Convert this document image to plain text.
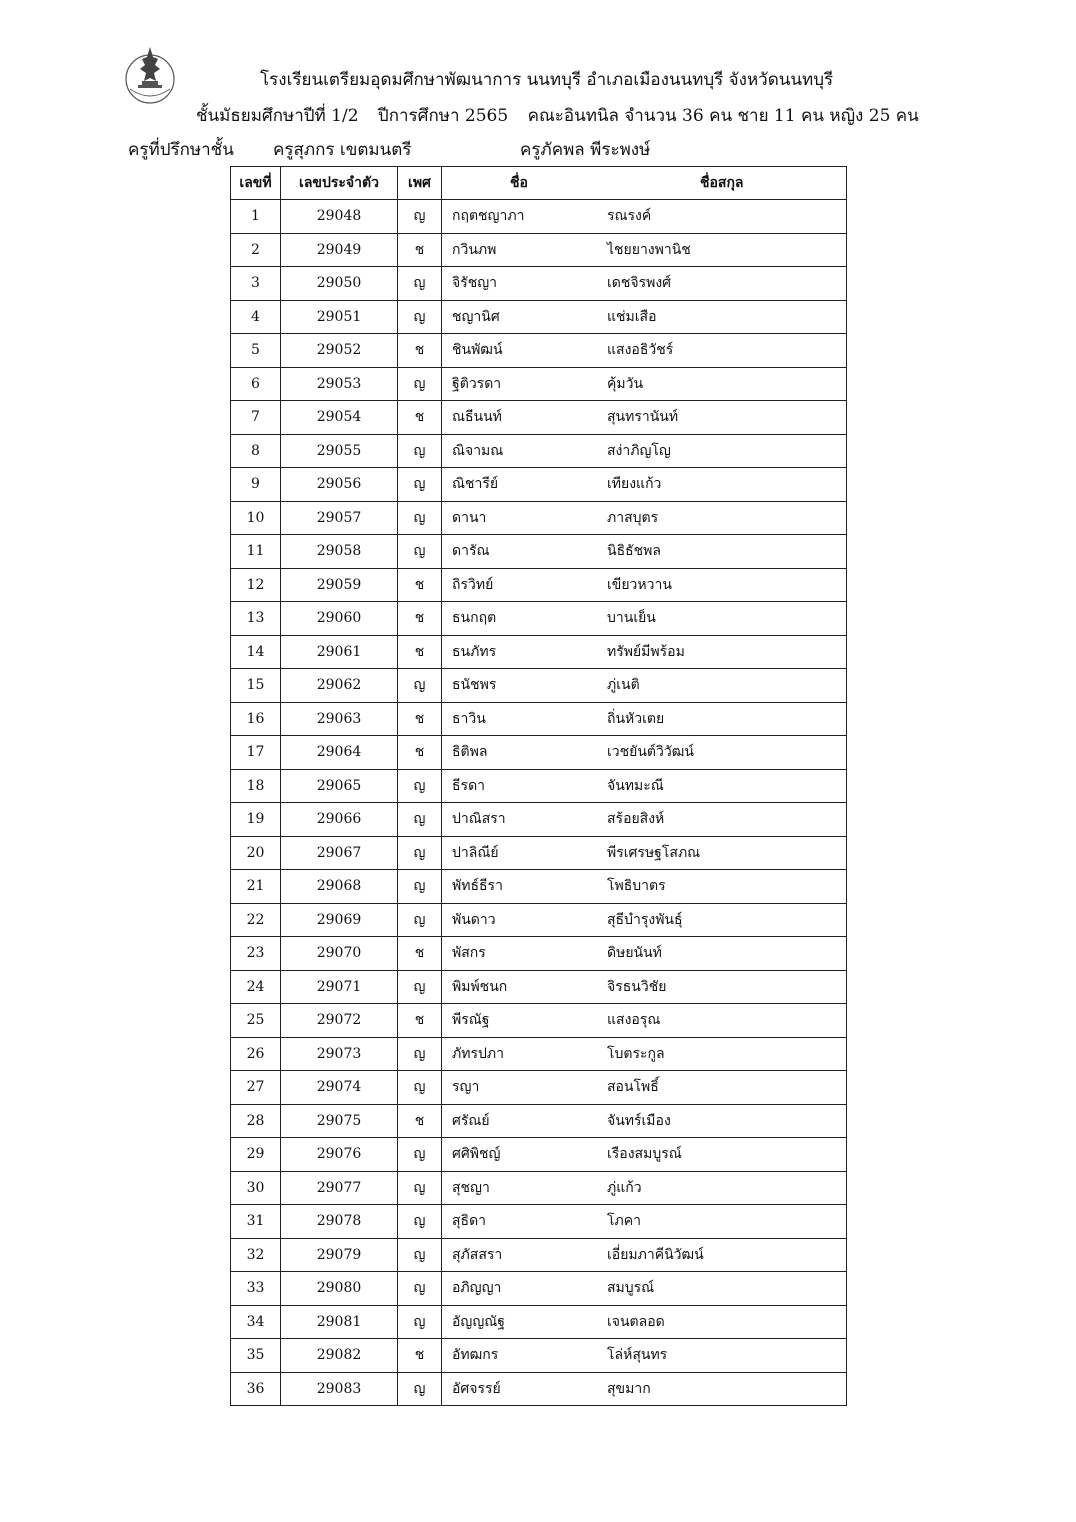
โรงเรียนเตรียมอุดมศึกษาพัฒนาการ นนทบุรี อำเภอเมืองนนทบุรี จังหวัดนนทบุรี
ชั้นมัธยมศึกษาปีที่ 1/2 ปีการศึกษา 2565 คณะอินทนิล จำนวน 36 คน ชาย 11 คน หญิง 25 คน
ครูที่ปรึกษาชั้น ครูสุภกร เขตมนตรี	ครูภัคพล พีระพงษ์
เลขที่	เลขประจำตัว	เพศ	ชื่อ ชื่อสกุล

1	29048	ญ	กฤตชญาภา รณรงค์

2	29049	ช	กวินภพ ไชยยางพานิช

3	29050	ญ	จิรัชญา เดชจิรพงศ์

4	29051	ญ	ชญานิศ แช่มเสือ

5	29052	ช	ชินพัฒน์ แสงอธิวัชร์

6	29053	ญ	ฐิติวรดา คุ้มวัน

7	29054	ช	ณธีนนท์ สุนทรานันท์

8	29055	ญ	ณิจามณ สง่าภิญโญ

9	29056	ญ	ณิชารีย์ เทียงแก้ว

10	29057	ญ	ดานา ภาสบุตร

11	29058	ญ	ดารัณ นิธิธัชพล

12	29059	ช	ถิรวิทย์ เขียวหวาน

13	29060	ช	ธนกฤต บานเย็น

14	29061	ช	ธนภัทร ทรัพย์มีพร้อม

15	29062	ญ	ธนัชพร ภู่เนติ

16	29063	ช	ธาวิน ถิ่นหัวเตย

17	29064	ช	ธิติพล เวชยันต์วิวัฒน์

18	29065	ญ	ธีรดา จันทมะณี

19	29066	ญ	ปาณิสรา สร้อยสิงห์

20	29067	ญ	ปาลิณีย์ พีรเศรษฐโสภณ

21	29068	ญ	พัทธ์ธีรา โพธิบาตร

22	29069	ญ	พันดาว สุธีบำรุงพันธุ์

23	29070	ช	พัสกร ดิษยนันท์

24	29071	ญ	พิมพ์ชนก จิรธนวิชัย

25	29072	ช	พีรณัฐ แสงอรุณ

26	29073	ญ	ภัทรปภา โบตระกูล

27	29074	ญ	รญา สอนโพธิ์

28	29075	ช	ศรัณย์ จันทร์เมือง

29	29076	ญ	ศศิพิชญ์ เรืองสมบูรณ์

30	29077	ญ	สุชญา ภู่แก้ว

31	29078	ญ	สุธิดา โภคา

32	29079	ญ	สุภัสสรา เอี่ยมภาคีนิวัฒน์

33	29080	ญ	อภิญญา สมบูรณ์

34	29081	ญ	อัญญณัฐ เจนตลอด

35	29082	ช	อัทฒกร โล่ห์สุนทร

36	29083	ญ	อัศจรรย์ สุขมาก
